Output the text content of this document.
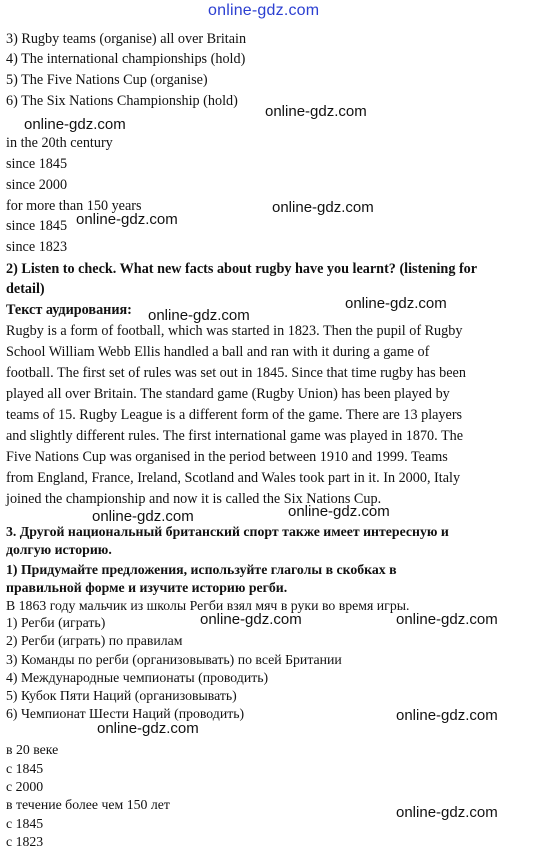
online-gdz.com
3) Rugby teams (organise) all over Britain
4) The international championships (hold)
5) The Five Nations Cup (organise)
6) The Six Nations Championship (hold)
in the 20th century
since 1845
since 2000
for more than 150 years
since 1845
since 1823
2) Listen to check. What new facts about rugby have you learnt? (listening for
detail)
Текст аудирования:
Rugby is a form of football, which was started in 1823. Then the pupil of Rugby
School William Webb Ellis handled a ball and ran with it during a game of
football. The first set of rules was set out in 1845. Since that time rugby has been
played all over Britain. The standard game (Rugby Union) has been played by
teams of 15. Rugby League is a different form of the game. There are 13 players
and slightly different rules. The first international game was played in 1870. The
Five Nations Cup was organised in the period between 1910 and 1999. Teams
from England, France, Ireland, Scotland and Wales took part in it. In 2000, Italy
joined the championship and now it is called the Six Nations Cup.
3. Другой национальный британский спорт также имеет интересную и
долгую историю.
1) Придумайте предложения, используйте глаголы в скобках в
правильной форме и изучите историю регби.
В 1863 году мальчик из школы Регби взял мяч в руки во время игры.
1) Регби (играть)
2) Регби (играть) по правилам
3) Команды по регби (организовывать) по всей Британии
4) Международные чемпионаты (проводить)
5) Кубок Пяти Наций (организовывать)
6) Чемпионат Шести Наций (проводить)
в 20 веке
с 1845
с 2000
в течение более чем 150 лет
с 1845
с 1823
online-gdz.com
online-gdz.com
online-gdz.com
online-gdz.com
online-gdz.com
online-gdz.com
online-gdz.com
online-gdz.com
online-gdz.com	online-gdz.com
online-gdz.com
online-gdz.com
online-gdz.com
